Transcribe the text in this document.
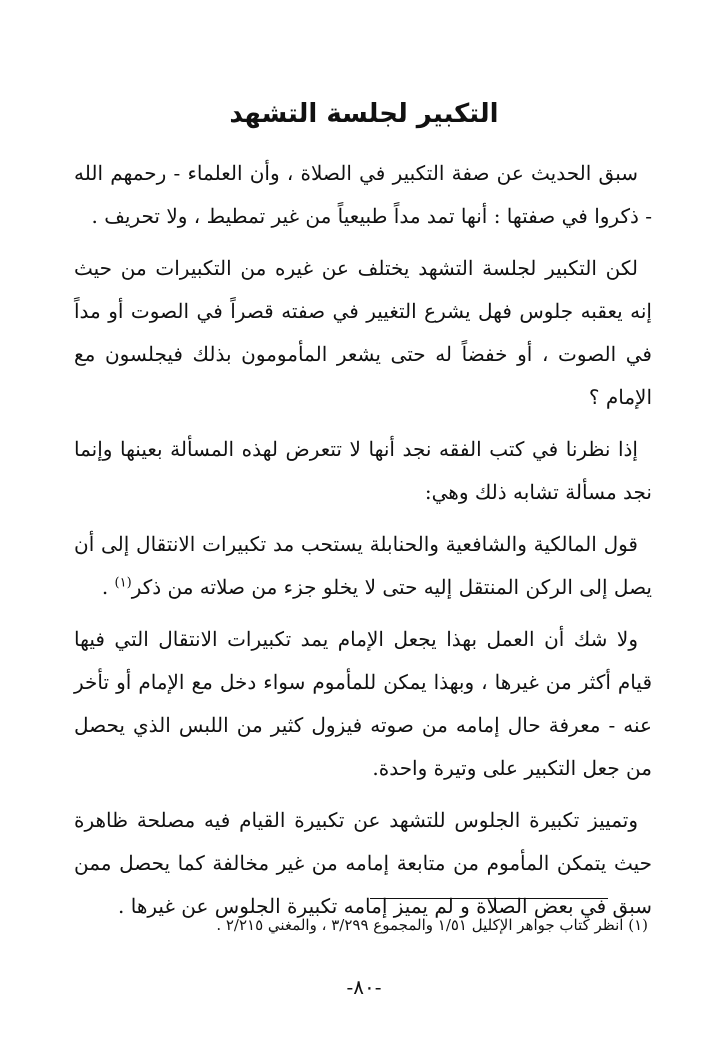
التكبير لجلسة التشهد

سبق الحديث عن صفة التكبير في الصلاة ، وأن العلماء - رحمهم الله - ذكروا في صفتها : أنها تمد مداً طبيعياً من غير تمطيط ، ولا تحريف .

لكن التكبير لجلسة التشهد يختلف عن غيره من التكبيرات من حيث إنه يعقبه جلوس فهل يشرع التغيير في صفته قصراً في الصوت أو مداً في الصوت ، أو خفضاً له حتى يشعر المأمومون بذلك فيجلسون مع الإمام ؟

إذا نظرنا في كتب الفقه نجد أنها لا تتعرض لهذه المسألة بعينها وإنما نجد مسألة تشابه ذلك وهي:

قول المالكية والشافعية والحنابلة يستحب مد تكبيرات الانتقال إلى أن يصل إلى الركن المنتقل إليه حتى لا يخلو جزء من صلاته من ذكر$^{(١)}$ .

ولا شك أن العمل بهذا يجعل الإمام يمد تكبيرات الانتقال التي فيها قيام أكثر من غيرها ، وبهذا يمكن للمأموم سواء دخل مع الإمام أو تأخر عنه - معرفة حال إمامه من صوته فيزول كثير من اللبس الذي يحصل من جعل التكبير على وتيرة واحدة.

وتمييز تكبيرة الجلوس للتشهد عن تكبيرة القيام فيه مصلحة ظاهرة حيث يتمكن المأموم من متابعة إمامه من غير مخالفة كما يحصل ممن سبق في بعض الصلاة و لم يميز إمامه تكبيرة الجلوس عن غيرها .

(١) انظر كتاب جواهر الإكليل ١/٥١ والمجموع ٣/٢٩٩ ، والمغني ٢/٢١٥ .
-٨٠-
